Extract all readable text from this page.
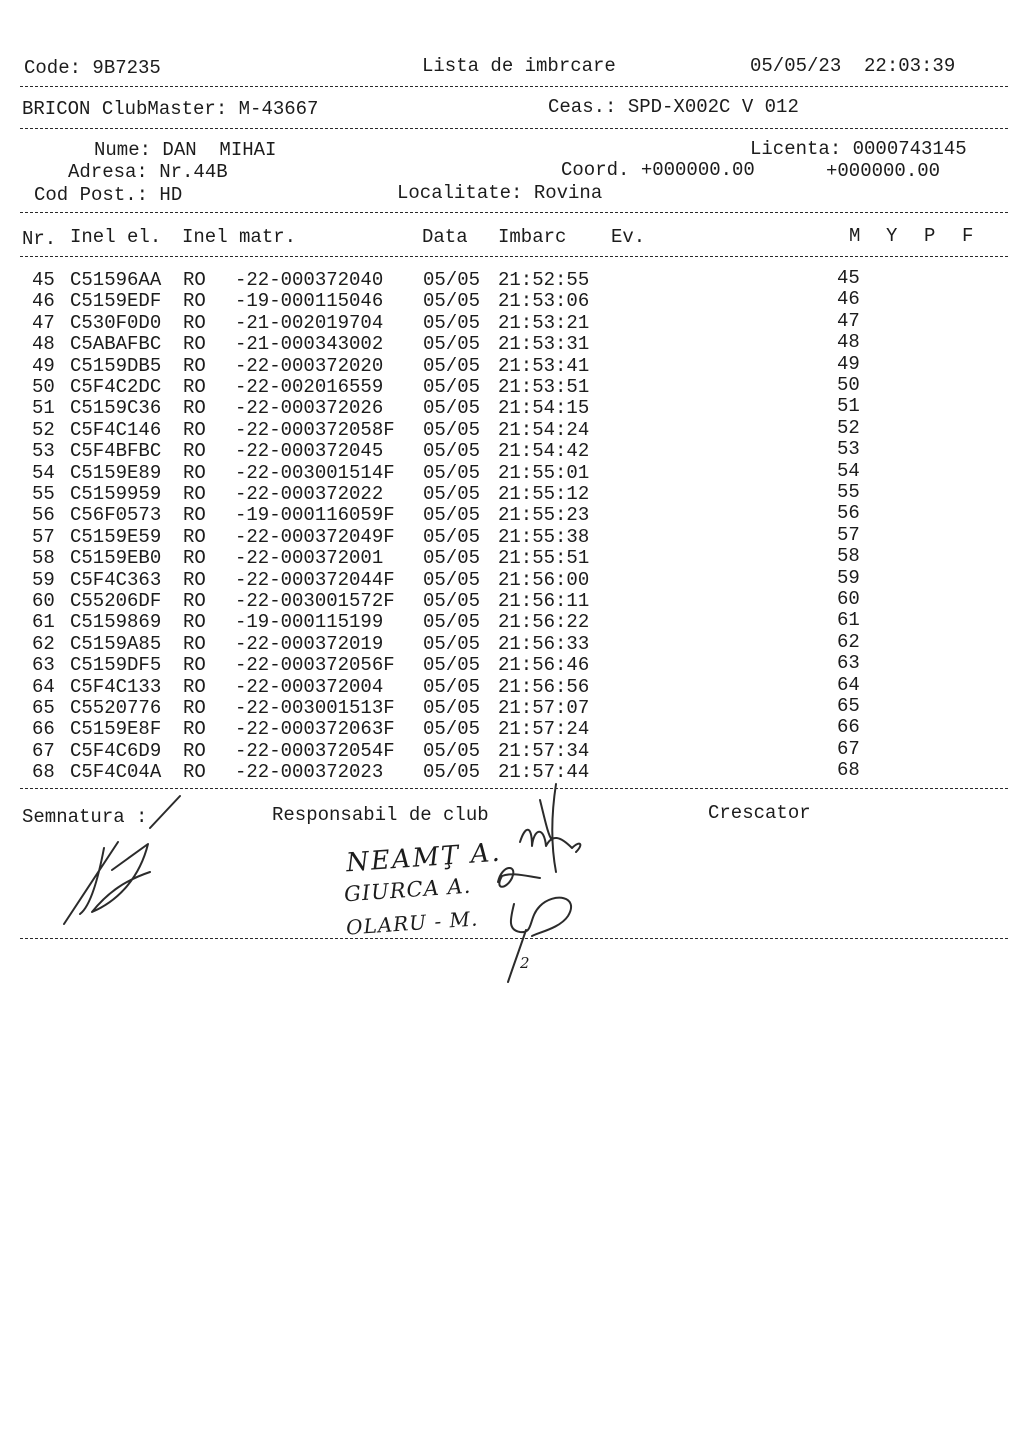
Code: 9B7235	Lista de imbrcare	05/05/23  22:03:39
BRICON ClubMaster: M-43667	Ceas.: SPD-X002C V 012
Nume: DAN  MIHAI	Licenta: 0000743145
Adresa: Nr.44B	Coord. +000000.00	+000000.00
Cod Post.: HD	Localitate: Rovina
Nr. Inel el. Inel matr.	Data Imbarc Ev.	M Y P F
45 C51596AA RO -22-000372040 05/05 21:52:55	45
46 C5159EDF RO -19-000115046 05/05 21:53:06	46
47 C530F0D0 RO -21-002019704 05/05 21:53:21	47
48 C5ABAFBC RO -21-000343002 05/05 21:53:31	48
49 C5159DB5 RO -22-000372020 05/05 21:53:41	49
50 C5F4C2DC RO -22-002016559 05/05 21:53:51	50
51 C5159C36 RO -22-000372026 05/05 21:54:15	51
52 C5F4C146 RO -22-000372058F 05/05 21:54:24	52
53 C5F4BFBC RO -22-000372045 05/05 21:54:42	53
54 C5159E89 RO -22-003001514F 05/05 21:55:01	54
55 C5159959 RO -22-000372022 05/05 21:55:12	55
56 C56F0573 RO -19-000116059F 05/05 21:55:23	56
57 C5159E59 RO -22-000372049F 05/05 21:55:38	57
58 C5159EB0 RO -22-000372001 05/05 21:55:51	58
59 C5F4C363 RO -22-000372044F 05/05 21:56:00	59
60 C55206DF RO -22-003001572F 05/05 21:56:11	60
61 C5159869 RO -19-000115199 05/05 21:56:22	61
62 C5159A85 RO -22-000372019 05/05 21:56:33	62
63 C5159DF5 RO -22-000372056F 05/05 21:56:46	63
64 C5F4C133 RO -22-000372004 05/05 21:56:56	64
65 C5520776 RO -22-003001513F 05/05 21:57:07	65
66 C5159E8F RO -22-000372063F 05/05 21:57:24	66
67 C5F4C6D9 RO -22-000372054F 05/05 21:57:34	67
68 C5F4C04A RO -22-000372023 05/05 21:57:44	68
Semnatura :	Responsabil de club	Crescator
NEAMŢ A.
GIURCA A.
OLARU - M.
2
